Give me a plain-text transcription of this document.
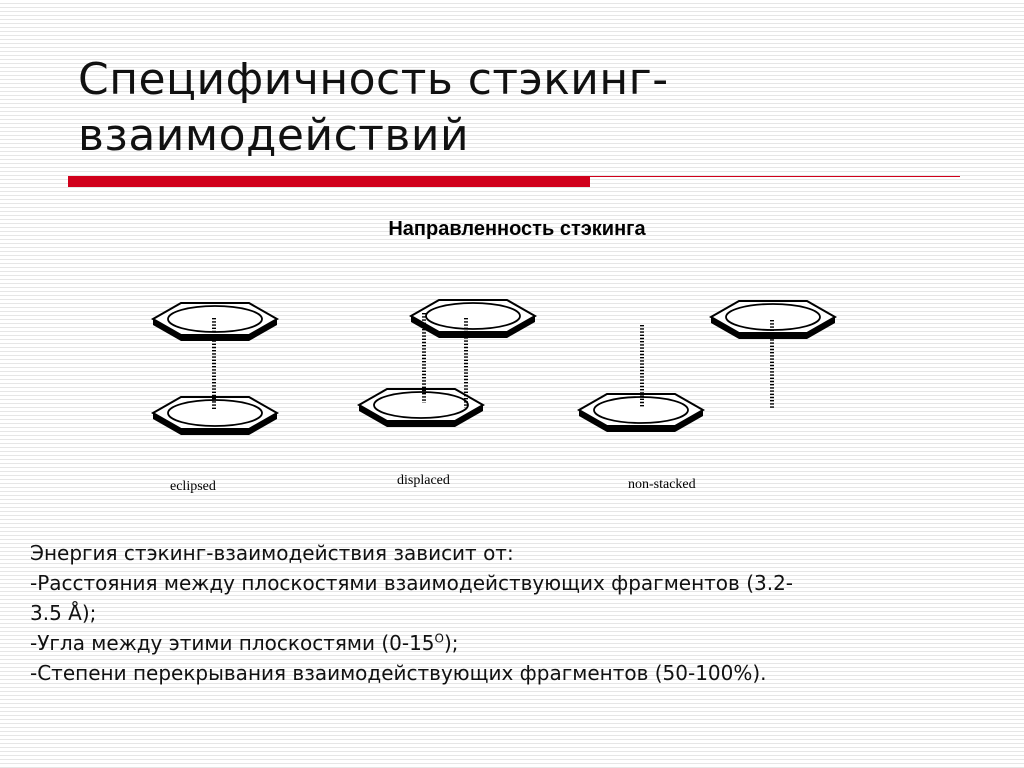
Специфичность стэкинг-
взаимодействий
Направленность стэкинга
eclipsed	displaced	non-stacked
Энергия стэкинг-взаимодействия зависит от:
-Расстояния между плоскостями взаимодействующих фрагментов (3.2-
3.5 Å);
-Угла между этими плоскостями $(0-15^O)$;
-Степени перекрывания взаимодействующих фрагментов (50-100%).
